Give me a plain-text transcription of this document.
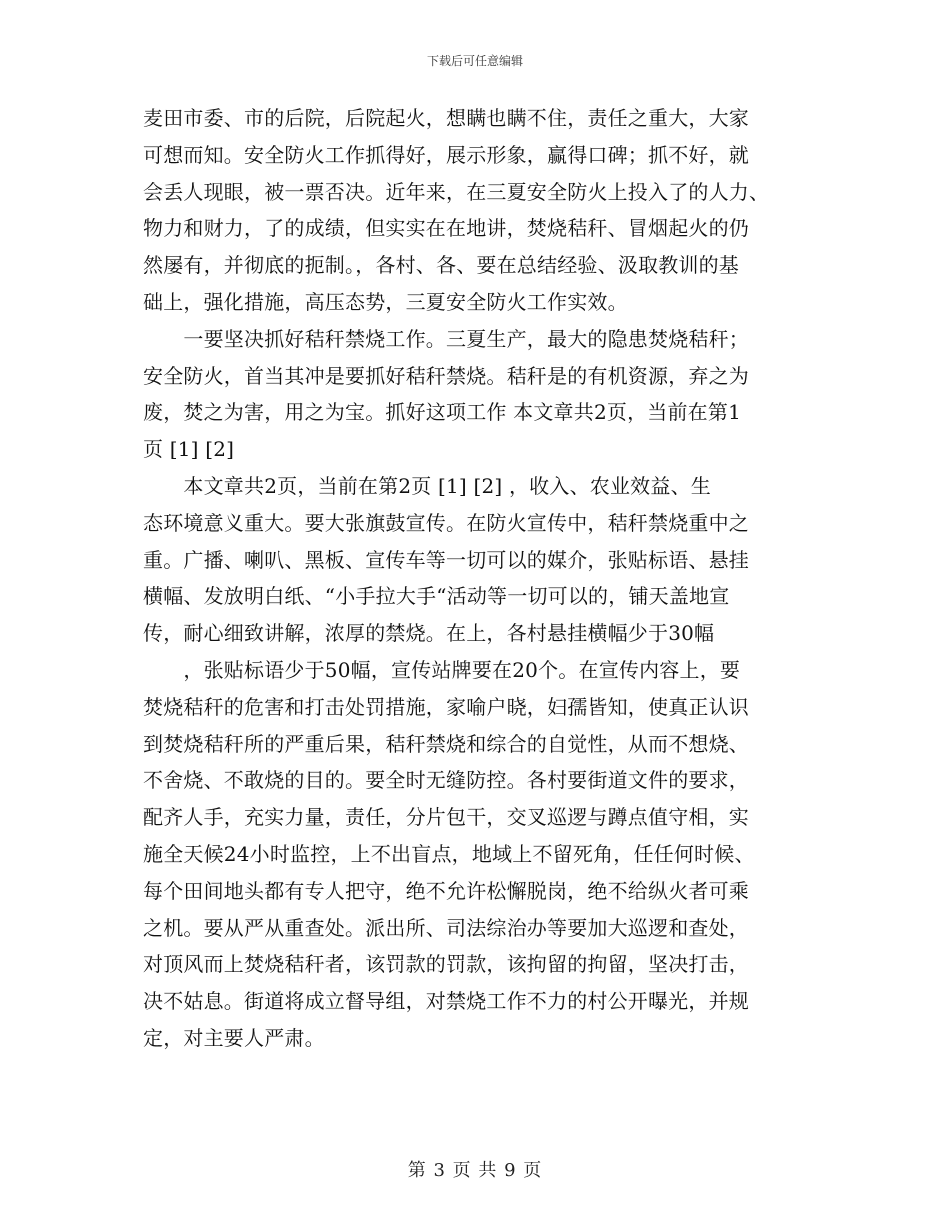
下载后可任意编辑

麦田市委、市的后院，后院起火，想瞒也瞒不住，责任之重大，大家
可想而知。安全防火工作抓得好，展示形象，赢得口碑；抓不好，就
会丢人现眼，被一票否决。近年来，在三夏安全防火上投入了的人力、
物力和财力，了的成绩，但实实在在地讲，焚烧秸秆、冒烟起火的仍
然屡有，并彻底的扼制。，各村、各、要在总结经验、汲取教训的基
础上，强化措施，高压态势，三夏安全防火工作实效。

　　一要坚决抓好秸秆禁烧工作。三夏生产，最大的隐患焚烧秸秆；
安全防火，首当其冲是要抓好秸秆禁烧。秸秆是的有机资源，弃之为
废，焚之为害，用之为宝。抓好这项工作 本文章共2页，当前在第1
页 [1] [2]

　　本文章共2页，当前在第2页 [1] [2] ，收入、农业效益、生
态环境意义重大。要大张旗鼓宣传。在防火宣传中，秸秆禁烧重中之
重。广播、喇叭、黑板、宣传车等一切可以的媒介，张贴标语、悬挂
横幅、发放明白纸、“小手拉大手“活动等一切可以的，铺天盖地宣
传，耐心细致讲解，浓厚的禁烧。在上，各村悬挂横幅少于30幅

　　，张贴标语少于50幅，宣传站牌要在20个。在宣传内容上，要
焚烧秸秆的危害和打击处罚措施，家喻户晓，妇孺皆知，使真正认识
到焚烧秸秆所的严重后果，秸秆禁烧和综合的自觉性，从而不想烧、
不舍烧、不敢烧的目的。要全时无缝防控。各村要街道文件的要求，
配齐人手，充实力量，责任，分片包干，交叉巡逻与蹲点值守相，实
施全天候24小时监控，上不出盲点，地域上不留死角，任任何时候、
每个田间地头都有专人把守，绝不允许松懈脱岗，绝不给纵火者可乘
之机。要从严从重查处。派出所、司法综治办等要加大巡逻和查处，
对顶风而上焚烧秸秆者，该罚款的罚款，该拘留的拘留，坚决打击，
决不姑息。街道将成立督导组，对禁烧工作不力的村公开曝光，并规
定，对主要人严肃。

第 3 页 共 9 页
